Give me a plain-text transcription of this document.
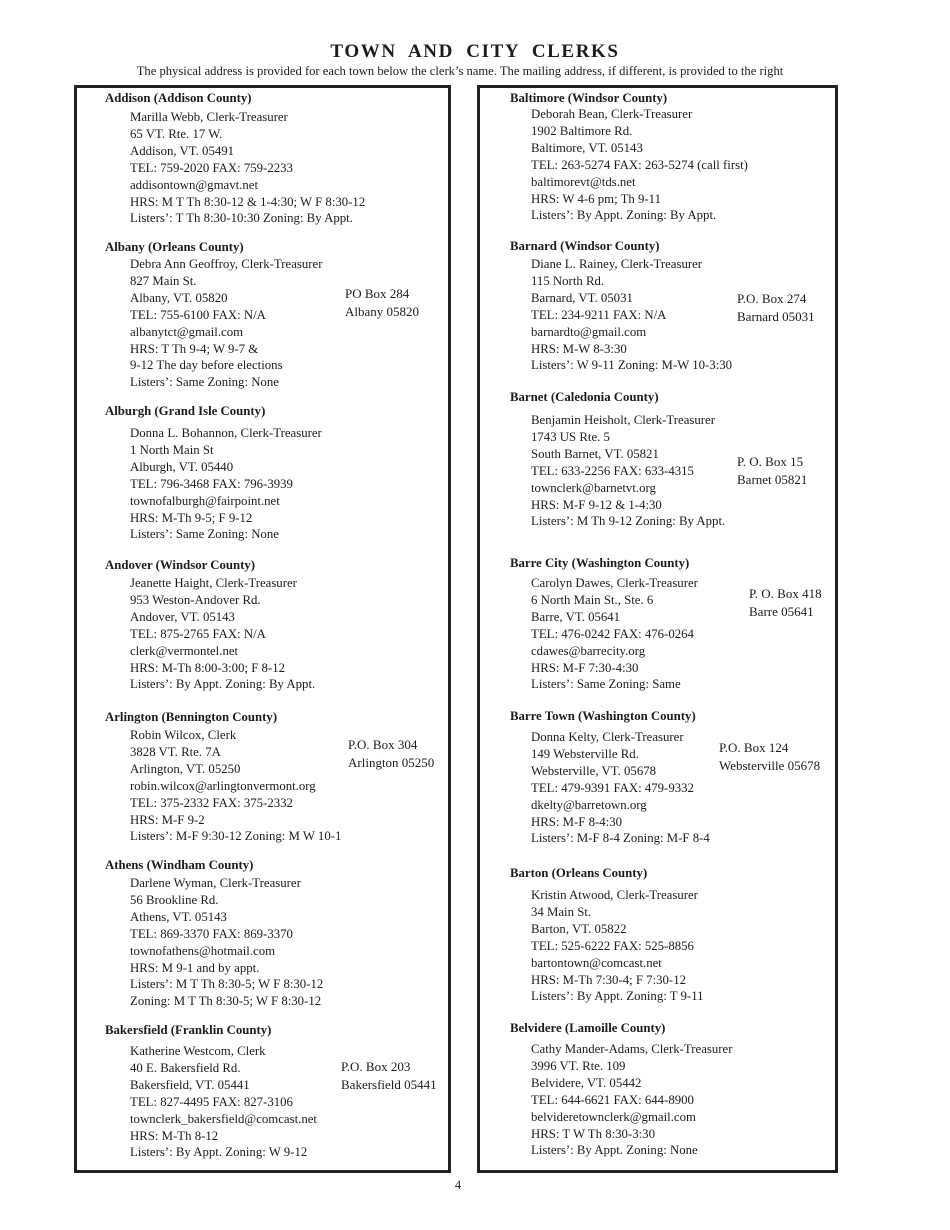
TOWN AND CITY CLERKS
The physical address is provided for each town below the clerk’s name. The mailing address, if different, is provided to the right
Addison (Addison County)
Marilla Webb, Clerk-Treasurer
65 VT. Rte. 17 W.
Addison, VT. 05491
TEL: 759-2020 FAX: 759-2233
addisontown@gmavt.net
HRS: M T Th 8:30-12 & 1-4:30; W F 8:30-12
Listers’: T Th 8:30-10:30 Zoning: By Appt.
Albany (Orleans County)
Debra Ann Geoffroy, Clerk-Treasurer
827 Main St.
Albany, VT. 05820
TEL: 755-6100 FAX: N/A
albanytct@gmail.com
HRS: T Th 9-4; W 9-7 &
9-12 The day before elections
Listers’: Same Zoning: None
PO Box 284
Albany 05820
Alburgh (Grand Isle County)
Donna L. Bohannon, Clerk-Treasurer
1 North Main St
Alburgh, VT. 05440
TEL: 796-3468 FAX: 796-3939
townofalburgh@fairpoint.net
HRS: M-Th 9-5; F 9-12
Listers’: Same Zoning: None
Andover (Windsor County)
Jeanette Haight, Clerk-Treasurer
953 Weston-Andover Rd.
Andover, VT. 05143
TEL: 875-2765 FAX: N/A
clerk@vermontel.net
HRS: M-Th 8:00-3:00; F 8-12
Listers’: By Appt. Zoning: By Appt.
Arlington (Bennington County)
Robin Wilcox, Clerk
3828 VT. Rte. 7A
Arlington, VT. 05250
robin.wilcox@arlingtonvermont.org
TEL: 375-2332 FAX: 375-2332
HRS: M-F 9-2
Listers’: M-F 9:30-12 Zoning: M W 10-1
P.O. Box 304
Arlington 05250
Athens (Windham County)
Darlene Wyman, Clerk-Treasurer
56 Brookline Rd.
Athens, VT. 05143
TEL: 869-3370 FAX: 869-3370
townofathens@hotmail.com
HRS: M 9-1 and by appt.
Listers’: M T Th 8:30-5; W F 8:30-12
Zoning: M T Th 8:30-5; W F 8:30-12
Bakersfield (Franklin County)
Katherine Westcom, Clerk
40 E. Bakersfield Rd.
Bakersfield, VT. 05441
TEL: 827-4495 FAX: 827-3106
townclerk_bakersfield@comcast.net
HRS: M-Th 8-12
Listers’: By Appt. Zoning: W 9-12
P.O. Box 203
Bakersfield 05441
Baltimore (Windsor County)
Deborah Bean, Clerk-Treasurer
1902 Baltimore Rd.
Baltimore, VT. 05143
TEL: 263-5274 FAX: 263-5274 (call first)
baltimorevt@tds.net
HRS: W 4-6 pm; Th 9-11
Listers’: By Appt. Zoning: By Appt.
Barnard (Windsor County)
Diane L. Rainey, Clerk-Treasurer
115 North Rd.
Barnard, VT. 05031
TEL: 234-9211 FAX: N/A
barnardto@gmail.com
HRS: M-W 8-3:30
Listers’: W 9-11 Zoning: M-W 10-3:30
P.O. Box 274
Barnard 05031
Barnet (Caledonia County)
Benjamin Heisholt, Clerk-Treasurer
1743 US Rte. 5
South Barnet, VT. 05821
TEL: 633-2256 FAX: 633-4315
townclerk@barnetvt.org
HRS: M-F 9-12 & 1-4:30
Listers’: M Th 9-12 Zoning: By Appt.
P. O. Box 15
Barnet 05821
Barre City (Washington County)
Carolyn Dawes, Clerk-Treasurer
6 North Main St., Ste. 6
Barre, VT. 05641
TEL: 476-0242 FAX: 476-0264
cdawes@barrecity.org
HRS: M-F 7:30-4:30
Listers’: Same Zoning: Same
P. O. Box 418
Barre 05641
Barre Town (Washington County)
Donna Kelty, Clerk-Treasurer
149 Websterville Rd.
Websterville, VT. 05678
TEL: 479-9391 FAX: 479-9332
dkelty@barretown.org
HRS: M-F 8-4:30
Listers’: M-F 8-4 Zoning: M-F 8-4
P.O. Box 124
Websterville 05678
Barton (Orleans County)
Kristin Atwood, Clerk-Treasurer
34 Main St.
Barton, VT. 05822
TEL: 525-6222 FAX: 525-8856
bartontown@comcast.net
HRS: M-Th 7:30-4; F 7:30-12
Listers’: By Appt. Zoning: T 9-11
Belvidere (Lamoille County)
Cathy Mander-Adams, Clerk-Treasurer
3996 VT. Rte. 109
Belvidere, VT. 05442
TEL: 644-6621 FAX: 644-8900
belvideretownclerk@gmail.com
HRS: T W Th 8:30-3:30
Listers’: By Appt. Zoning: None
4
